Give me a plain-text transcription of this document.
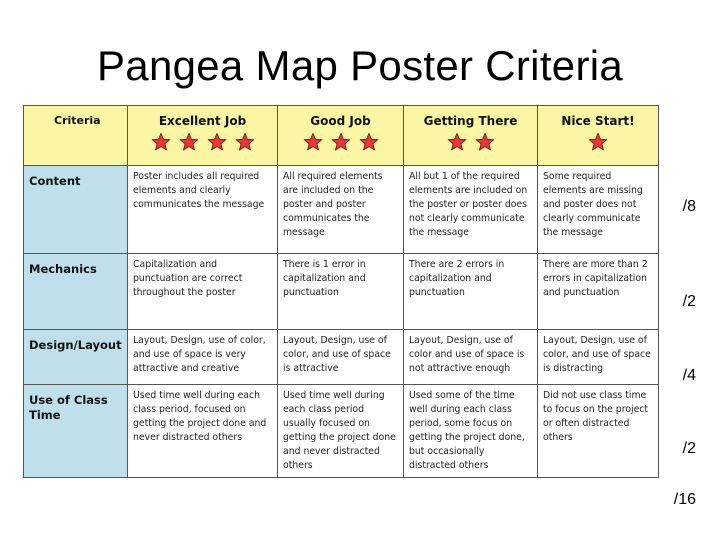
Pangea Map Poster Criteria
Criteria	Excellent Job	Good Job	Getting There	Nice Start!

Content	Poster includes all required elements and clearly communicates the message	All required elements are included on the poster and poster communicates the message	All but 1 of the required elements are included on the poster or poster does not clearly communicate the message	Some required elements are missing and poster does not clearly communicate the message
Mechanics	Capitalization and punctuation are correct throughout the poster	There is 1 error in capitalization and punctuation	There are 2 errors in capitalization and punctuation	There are more than 2 errors in capitalization and punctuation
Design/Layout	Layout, Design, use of color, and use of space is very attractive and creative	Layout, Design, use of color, and use of space is attractive	Layout, Design, use of color and use of space is not attractive enough	Layout, Design, use of color, and use of space is distracting
Use of Class Time	Used time well during each class period, focused on getting the project done and never distracted others	Used time well during each class period usually focused on getting the project done and never distracted others	Used some of the time well during each class period, some focus on getting the project done, but occasionally distracted others	Did not use class time to focus on the project or often distracted others
/8
/2
/4
/2
/16
